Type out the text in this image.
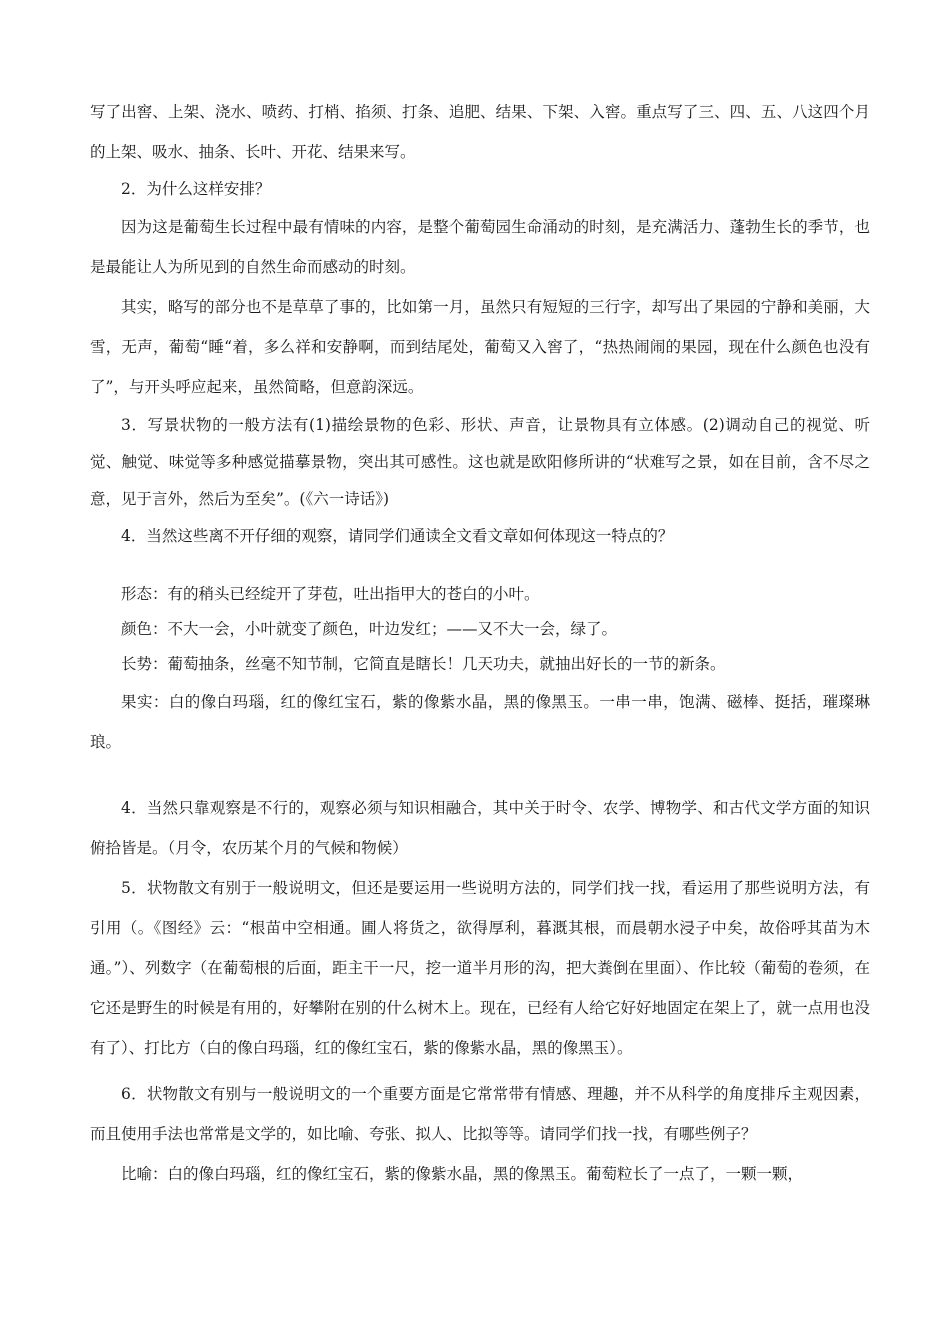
写了出窖、上架、浇水、喷药、打梢、掐须、打条、追肥、结果、下架、入窖。重点写了三、四、五、八这四个月的上架、吸水、抽条、长叶、开花、结果来写。

2．为什么这样安排？

因为这是葡萄生长过程中最有情味的内容，是整个葡萄园生命涌动的时刻，是充满活力、蓬勃生长的季节，也是最能让人为所见到的自然生命而感动的时刻。

其实，略写的部分也不是草草了事的，比如第一月，虽然只有短短的三行字，却写出了果园的宁静和美丽，大雪，无声，葡萄“睡“着，多么祥和安静啊，而到结尾处，葡萄又入窖了，“热热闹闹的果园，现在什么颜色也没有了”，与开头呼应起来，虽然简略，但意韵深远。

3．写景状物的一般方法有(1)描绘景物的色彩、形状、声音，让景物具有立体感。(2)调动自己的视觉、听觉、触觉、味觉等多种感觉描摹景物，突出其可感性。这也就是欧阳修所讲的“状难写之景，如在目前，含不尽之意，见于言外，然后为至矣”。(《六一诗话》)

4．当然这些离不开仔细的观察，请同学们通读全文看文章如何体现这一特点的？

形态：有的稍头已经绽开了芽苞，吐出指甲大的苍白的小叶。

颜色：不大一会，小叶就变了颜色，叶边发红；——又不大一会，绿了。

长势：葡萄抽条，丝毫不知节制，它简直是瞎长！几天功夫，就抽出好长的一节的新条。

果实：白的像白玛瑙，红的像红宝石，紫的像紫水晶，黑的像黑玉。一串一串，饱满、磁棒、挺括，璀璨琳琅。

4．当然只靠观察是不行的，观察必须与知识相融合，其中关于时令、农学、博物学、和古代文学方面的知识俯拾皆是。（月令，农历某个月的气候和物候）

5．状物散文有别于一般说明文，但还是要运用一些说明方法的，同学们找一找，看运用了那些说明方法，有引用（。《图经》云：“根苗中空相通。圃人将货之，欲得厚利，暮溉其根，而晨朝水浸子中矣，故俗呼其苗为木通。”）、列数字（在葡萄根的后面，距主干一尺，挖一道半月形的沟，把大粪倒在里面）、作比较（葡萄的卷须，在它还是野生的时候是有用的，好攀附在别的什么树木上。现在，已经有人给它好好地固定在架上了，就一点用也没有了）、打比方（白的像白玛瑙，红的像红宝石，紫的像紫水晶，黑的像黑玉）。

6．状物散文有别与一般说明文的一个重要方面是它常常带有情感、理趣，并不从科学的角度排斥主观因素，而且使用手法也常常是文学的，如比喻、夸张、拟人、比拟等等。请同学们找一找，有哪些例子？

比喻：白的像白玛瑙，红的像红宝石，紫的像紫水晶，黑的像黑玉。葡萄粒长了一点了，一颗一颗，
